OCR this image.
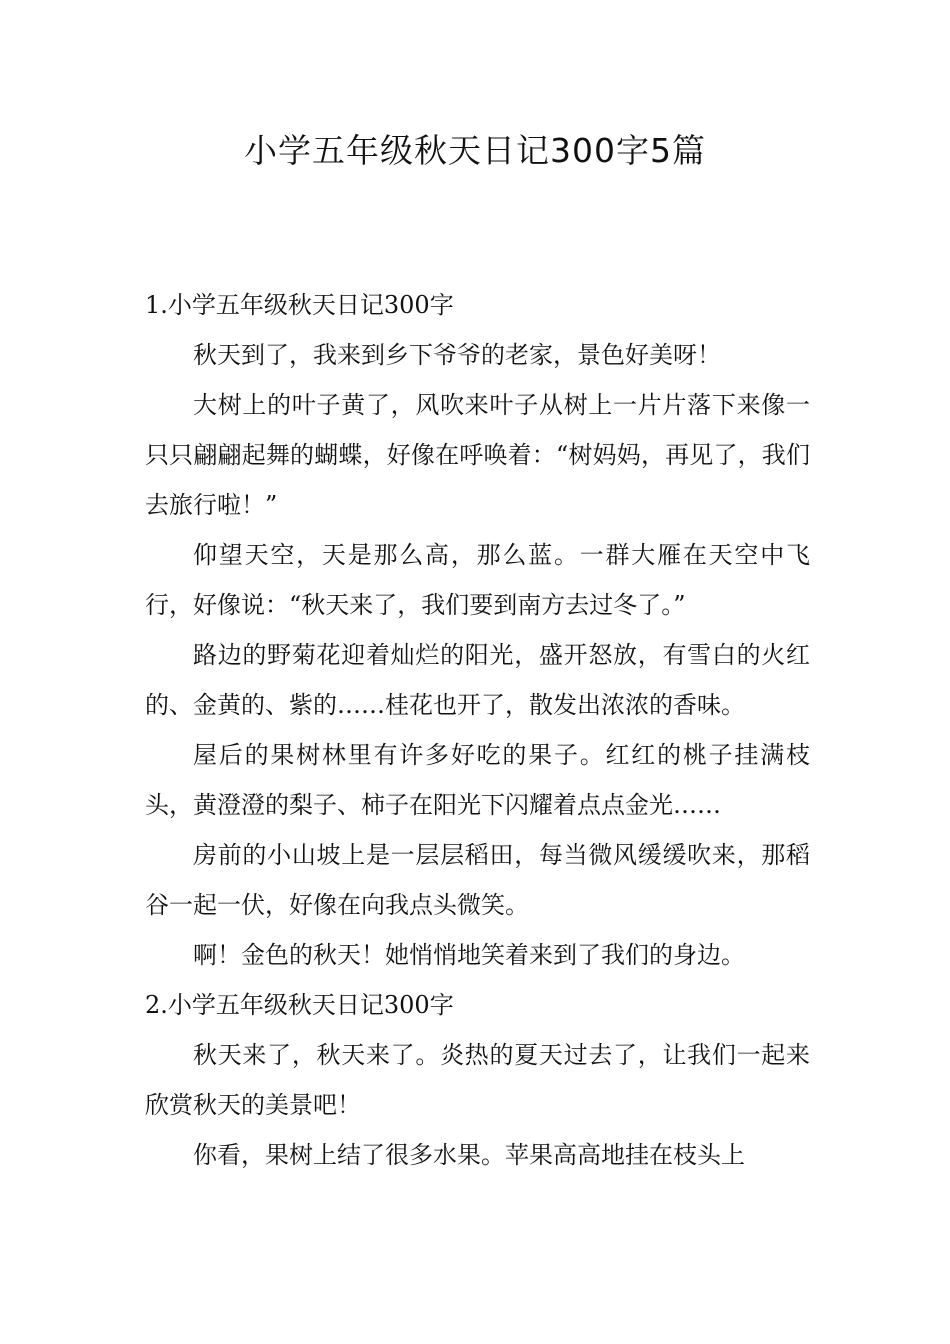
小学五年级秋天日记300字5篇
1.小学五年级秋天日记300字

秋天到了，我来到乡下爷爷的老家，景色好美呀！

大树上的叶子黄了，风吹来叶子从树上一片片落下来像一只只翩翩起舞的蝴蝶，好像在呼唤着：“树妈妈，再见了，我们去旅行啦！”

仰望天空，天是那么高，那么蓝。一群大雁在天空中飞行，好像说：“秋天来了，我们要到南方去过冬了。”

路边的野菊花迎着灿烂的阳光，盛开怒放，有雪白的火红的、金黄的、紫的……桂花也开了，散发出浓浓的香味。

屋后的果树林里有许多好吃的果子。红红的桃子挂满枝头，黄澄澄的梨子、柿子在阳光下闪耀着点点金光……

房前的小山坡上是一层层稻田，每当微风缓缓吹来，那稻谷一起一伏，好像在向我点头微笑。

啊！金色的秋天！她悄悄地笑着来到了我们的身边。

2.小学五年级秋天日记300字

秋天来了，秋天来了。炎热的夏天过去了，让我们一起来欣赏秋天的美景吧！

你看，果树上结了很多水果。苹果高高地挂在枝头上
